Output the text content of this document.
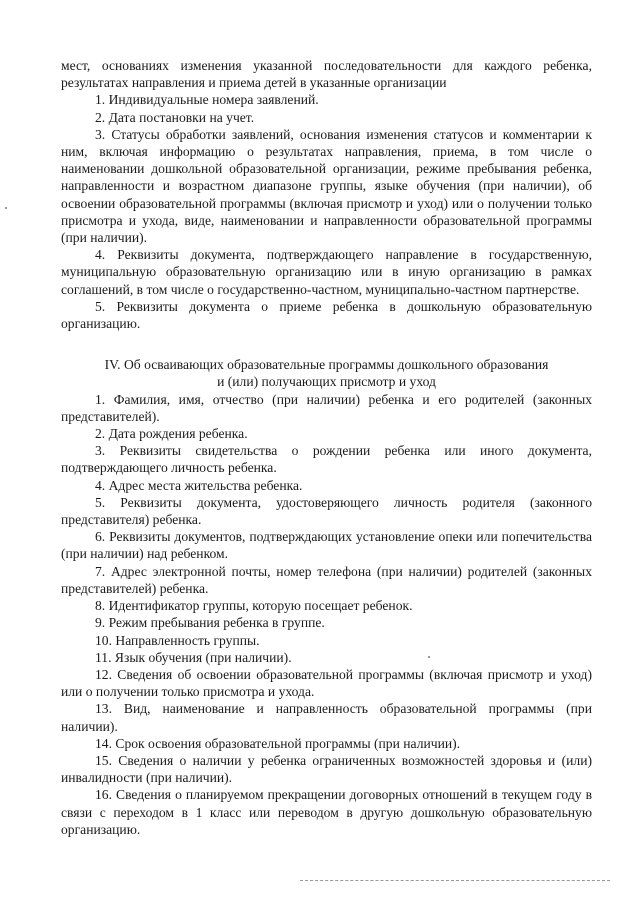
мест, основаниях изменения указанной последовательности для каждого ребенка, результатах направления и приема детей в указанные организации

1. Индивидуальные номера заявлений.

2. Дата постановки на учет.

3. Статусы обработки заявлений, основания изменения статусов и комментарии к ним, включая информацию о результатах направления, приема, в том числе о наименовании дошкольной образовательной организации, режиме пребывания ребенка, направленности и возрастном диапазоне группы, языке обучения (при наличии), об освоении образовательной программы (включая присмотр и уход) или о получении только присмотра и ухода, виде, наименовании и направленности образовательной программы (при наличии).

4. Реквизиты документа, подтверждающего направление в государственную, муниципальную образовательную организацию или в иную организацию в рамках соглашений, в том числе о государственно-частном, муниципально-частном партнерстве.

5. Реквизиты документа о приеме ребенка в дошкольную образовательную организацию.

IV. Об осваивающих образовательные программы дошкольного образования и (или) получающих присмотр и уход

1. Фамилия, имя, отчество (при наличии) ребенка и его родителей (законных представителей).

2. Дата рождения ребенка.

3. Реквизиты свидетельства о рождении ребенка или иного документа, подтверждающего личность ребенка.

4. Адрес места жительства ребенка.

5. Реквизиты документа, удостоверяющего личность родителя (законного представителя) ребенка.

6. Реквизиты документов, подтверждающих установление опеки или попечительства (при наличии) над ребенком.

7. Адрес электронной почты, номер телефона (при наличии) родителей (законных представителей) ребенка.

8. Идентификатор группы, которую посещает ребенок.

9. Режим пребывания ребенка в группе.

10. Направленность группы.

11. Язык обучения (при наличии).

12. Сведения об освоении образовательной программы (включая присмотр и уход) или о получении только присмотра и ухода.

13. Вид, наименование и направленность образовательной программы (при наличии).

14. Срок освоения образовательной программы (при наличии).

15. Сведения о наличии у ребенка ограниченных возможностей здоровья и (или) инвалидности (при наличии).

16. Сведения о планируемом прекращении договорных отношений в текущем году в связи с переходом в 1 класс или переводом в другую дошкольную образовательную организацию.
